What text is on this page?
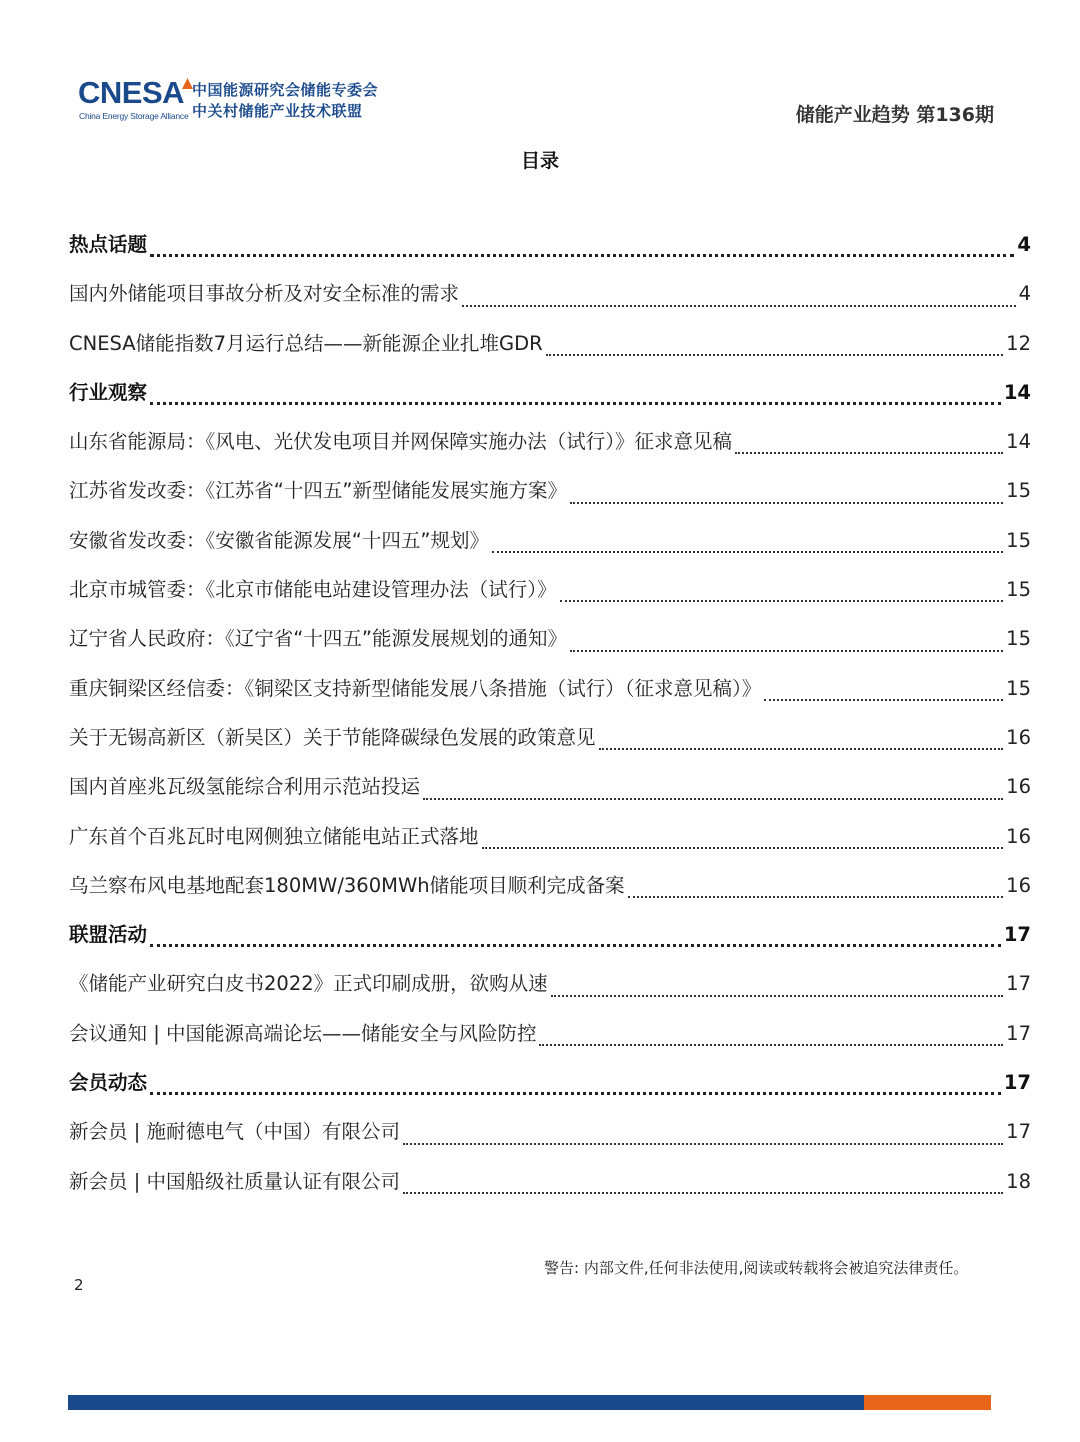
CNESA
China Energy Storage Alliance
中国能源研究会储能专委会
中关村储能产业技术联盟	储能产业趋势 第136期
目录
热点话题	4
国内外储能项目事故分析及对安全标准的需求	4
CNESA储能指数7月运行总结——新能源企业扎堆GDR	12
行业观察	14
山东省能源局：《风电、光伏发电项目并网保障实施办法（试行）》征求意见稿	14
江苏省发改委：《江苏省“十四五”新型储能发展实施方案》	15
安徽省发改委：《安徽省能源发展“十四五”规划》	15
北京市城管委：《北京市储能电站建设管理办法（试行）》	15
辽宁省人民政府：《辽宁省“十四五”能源发展规划的通知》	15
重庆铜梁区经信委：《铜梁区支持新型储能发展八条措施（试行）（征求意见稿）》	15
关于无锡高新区（新吴区）关于节能降碳绿色发展的政策意见	16
国内首座兆瓦级氢能综合利用示范站投运	16
广东首个百兆瓦时电网侧独立储能电站正式落地	16
乌兰察布风电基地配套180MW/360MWh储能项目顺利完成备案	16
联盟活动	17
《储能产业研究白皮书2022》正式印刷成册，欲购从速	17
会议通知 | 中国能源高端论坛——储能安全与风险防控	17
会员动态	17
新会员 | 施耐德电气（中国）有限公司	17
新会员 | 中国船级社质量认证有限公司	18
警告: 内部文件,任何非法使用,阅读或转载将会被追究法律责任。
2
